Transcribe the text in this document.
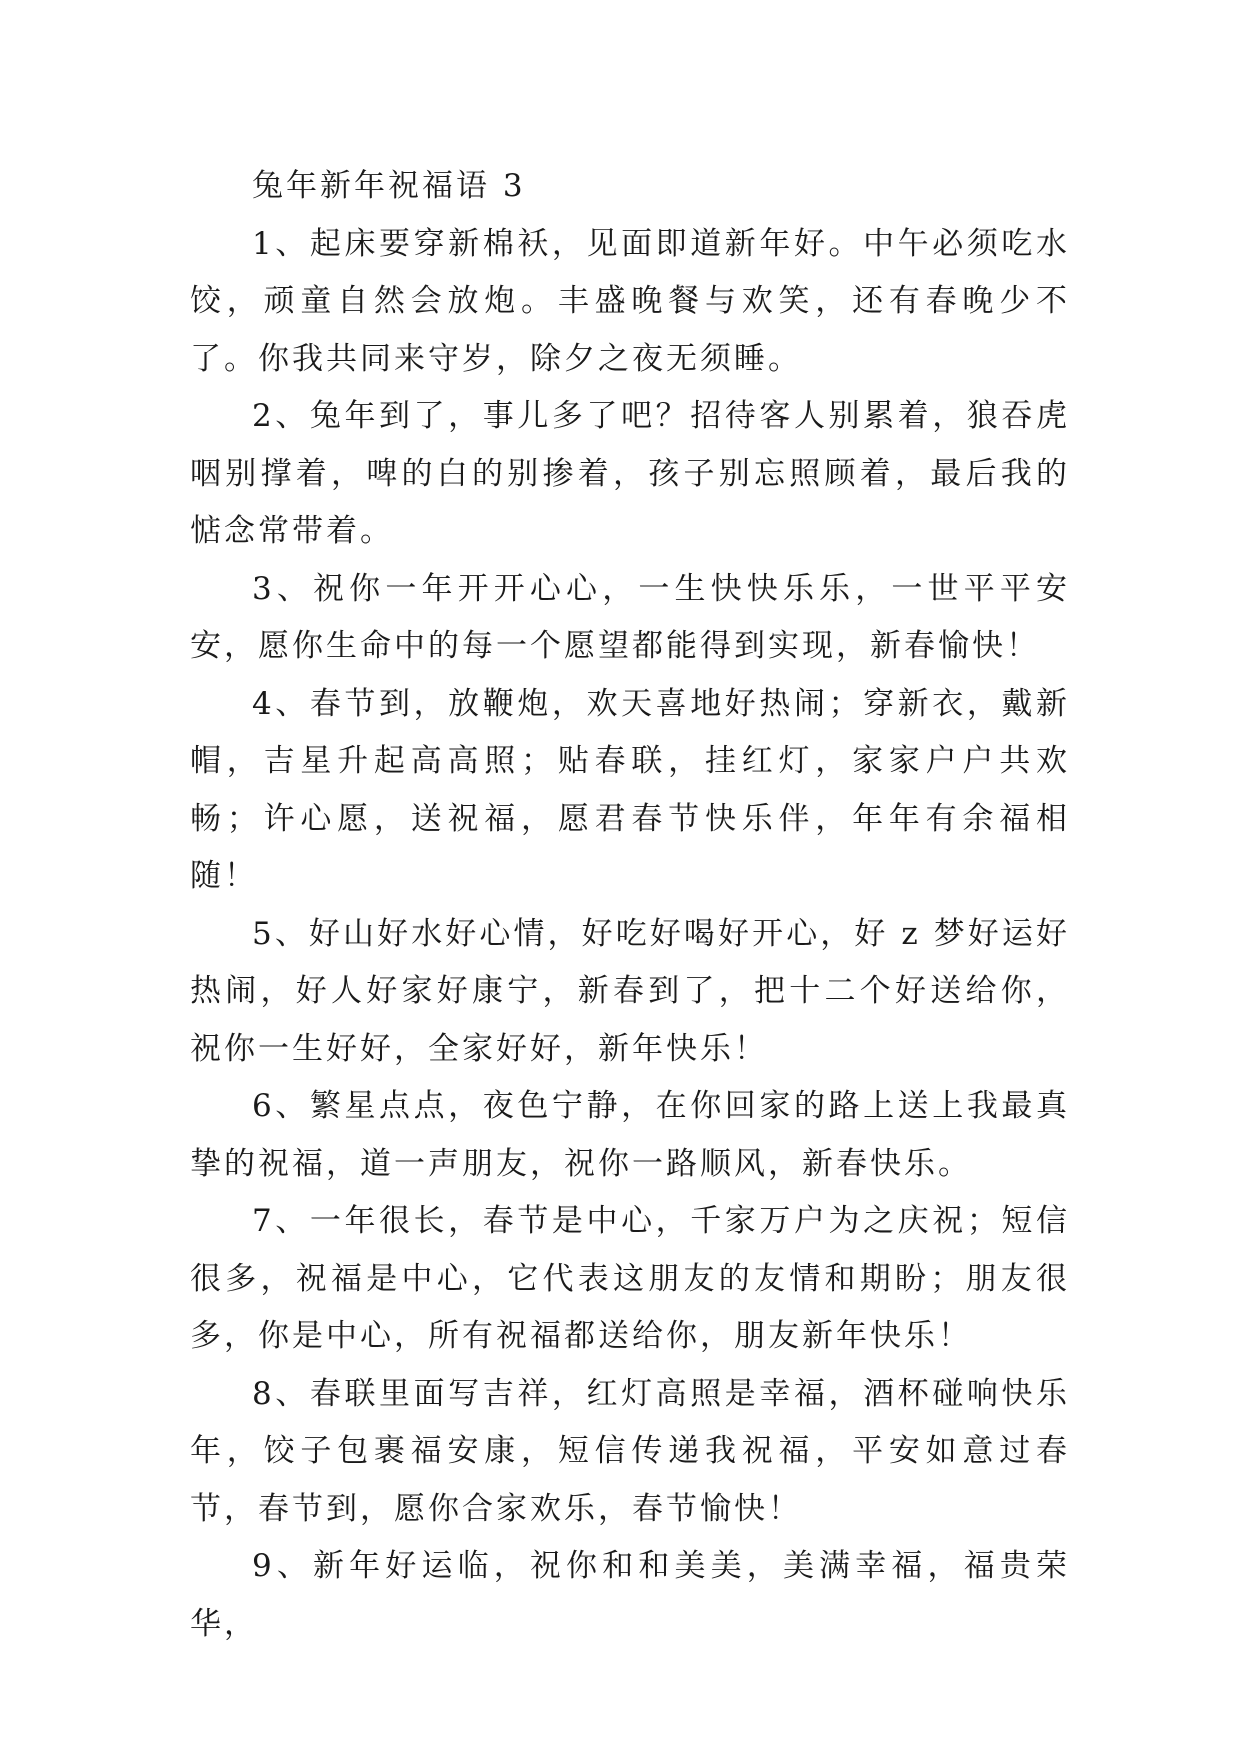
兔年新年祝福语 3

1、起床要穿新棉袄，见面即道新年好。中午必须吃水饺，顽童自然会放炮。丰盛晚餐与欢笑，还有春晚少不了。你我共同来守岁，除夕之夜无须睡。

2、兔年到了，事儿多了吧？招待客人别累着，狼吞虎咽别撑着，啤的白的别掺着，孩子别忘照顾着，最后我的惦念常带着。

3、祝你一年开开心心，一生快快乐乐，一世平平安安，愿你生命中的每一个愿望都能得到实现，新春愉快！

4、春节到，放鞭炮，欢天喜地好热闹；穿新衣，戴新帽，吉星升起高高照；贴春联，挂红灯，家家户户共欢畅；许心愿，送祝福，愿君春节快乐伴，年年有余福相随！

5、好山好水好心情，好吃好喝好开心，好 z 梦好运好热闹，好人好家好康宁，新春到了，把十二个好送给你，祝你一生好好，全家好好，新年快乐！

6、繁星点点，夜色宁静，在你回家的路上送上我最真挚的祝福，道一声朋友，祝你一路顺风，新春快乐。

7、一年很长，春节是中心，千家万户为之庆祝；短信很多，祝福是中心，它代表这朋友的友情和期盼；朋友很多，你是中心，所有祝福都送给你，朋友新年快乐！

8、春联里面写吉祥，红灯高照是幸福，酒杯碰响快乐年，饺子包裹福安康，短信传递我祝福，平安如意过春节，春节到，愿你合家欢乐，春节愉快！

9、新年好运临，祝你和和美美，美满幸福，福贵荣华，
